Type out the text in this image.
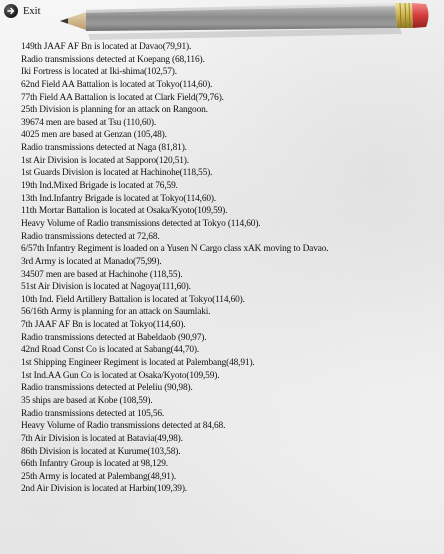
Exit
149th JAAF AF Bn is located at Davao(79,91).
Radio transmissions detected at Koepang (68,116).
Iki Fortress is located at Iki-shima(102,57).
62nd Field AA Battalion is located at Tokyo(114,60).
77th Field AA Battalion is located at Clark Field(79,76).
25th Division is planning for an attack on Rangoon.
39674 men are based at Tsu (110,60).
4025 men are based at Genzan (105,48).
Radio transmissions detected at Naga (81,81).
1st Air Division is located at Sapporo(120,51).
1st Guards Division is located at Hachinohe(118,55).
19th Ind.Mixed Brigade is located at 76,59.
13th Ind.Infantry Brigade is located at Tokyo(114,60).
11th Mortar Battalion is located at Osaka/Kyoto(109,59).
Heavy Volume of Radio transmissions detected at Tokyo (114,60).
Radio transmissions detected at 72,68.
6/57th Infantry Regiment is loaded on a Yusen N Cargo class xAK moving to Davao.
3rd Army is located at Manado(75,99).
34507 men are based at Hachinohe (118,55).
51st Air Division is located at Nagoya(111,60).
10th Ind. Field Artillery Battalion is located at Tokyo(114,60).
56/16th Army is planning for an attack on Saumlaki.
7th JAAF AF Bn is located at Tokyo(114,60).
Radio transmissions detected at Babeldaob (90,97).
42nd Road Const Co is located at Sabang(44,70).
1st Shipping Engineer Regiment is located at Palembang(48,91).
1st Ind.AA Gun Co is located at Osaka/Kyoto(109,59).
Radio transmissions detected at Peleliu (90,98).
35 ships are based at Kobe (108,59).
Radio transmissions detected at 105,56.
Heavy Volume of Radio transmissions detected at 84,68.
7th Air Division is located at Batavia(49,98).
86th Division is located at Kurume(103,58).
66th Infantry Group is located at 98,129.
25th Army is located at Palembang(48,91).
2nd Air Division is located at Harbin(109,39).
